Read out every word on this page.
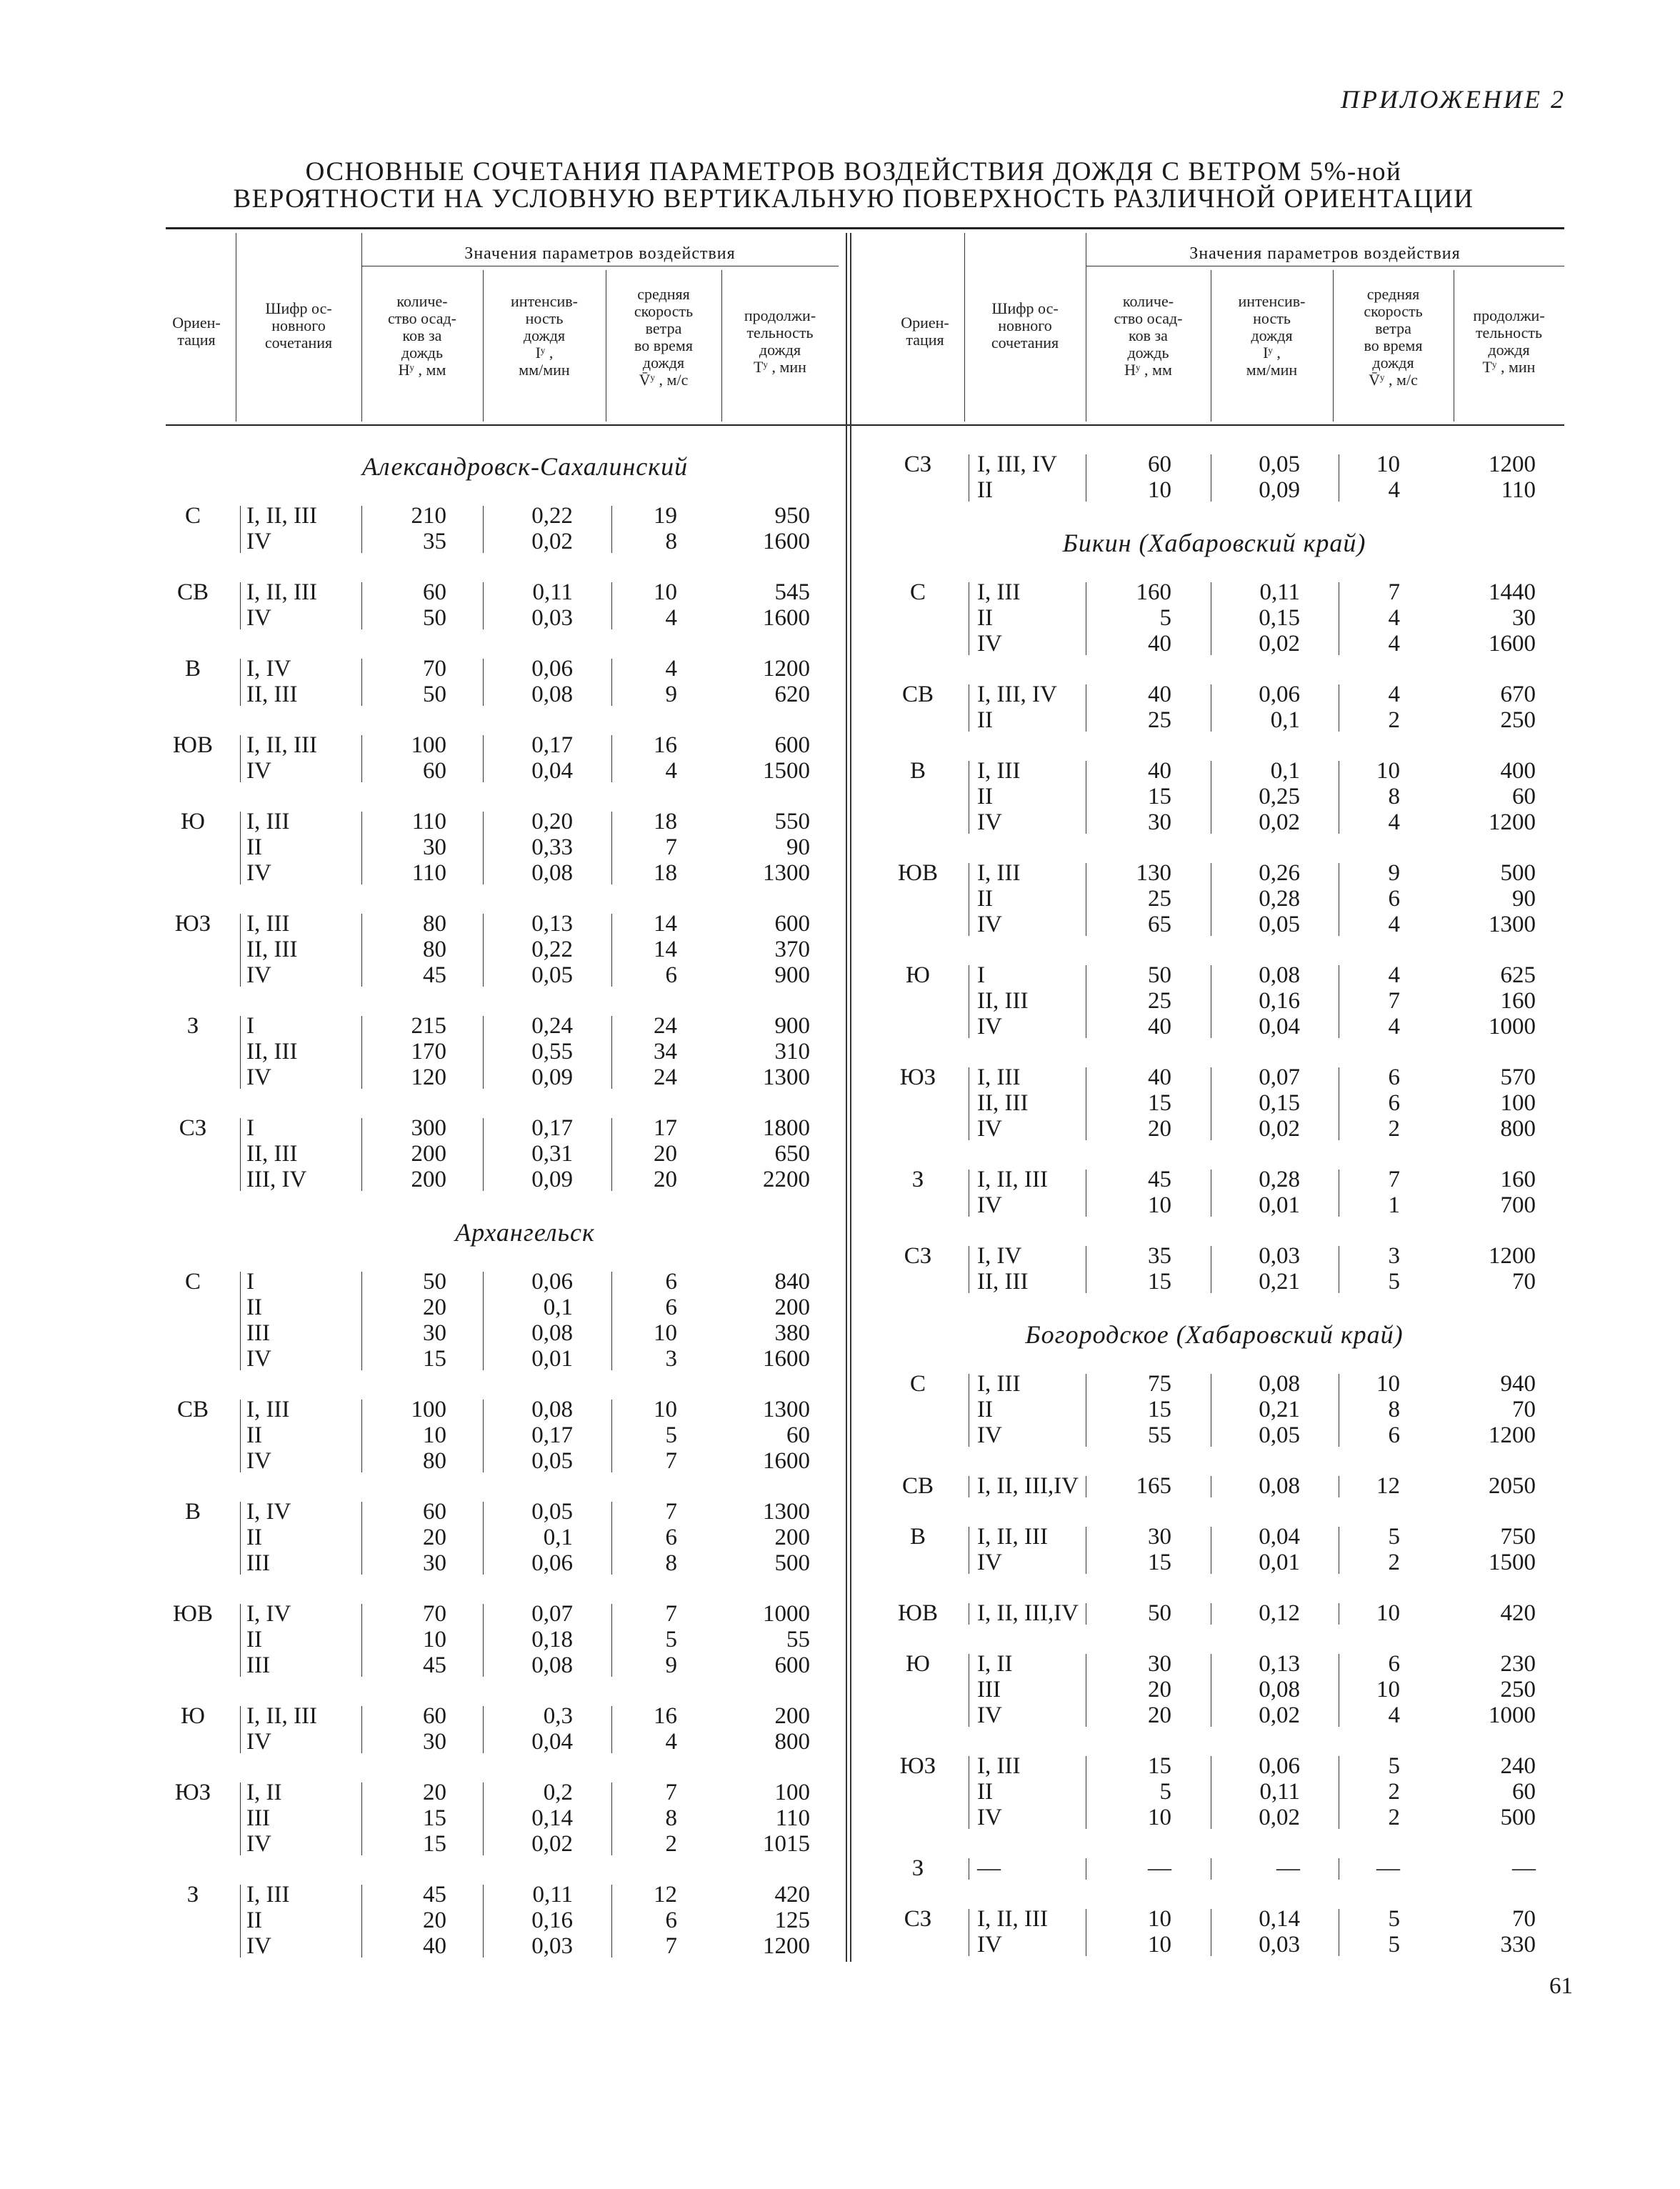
ПРИЛОЖЕНИЕ 2
ОСНОВНЫЕ СОЧЕТАНИЯ ПАРАМЕТРОВ ВОЗДЕЙСТВИЯ ДОЖДЯ С ВЕТРОМ 5%-ной
ВЕРОЯТНОСТИ НА УСЛОВНУЮ ВЕРТИКАЛЬНУЮ ПОВЕРХНОСТЬ РАЗЛИЧНОЙ ОРИЕНТАЦИИ
Значения параметров воздействия
Ориен-
тация
Шифр ос-
новного
сочетания
количе-
ство осад-
ков за
дождь
Нʸ , мм
интенсив-
ность
дождя
Iʸ ,
мм/мин
средняя
скорость
ветра
во время
дождя
V̄ʸ , м/с
продолжи-
тельность
дождя
Тʸ , мин
Значения параметров воздействия
Ориен-
тация
Шифр ос-
новного
сочетания
количе-
ство осад-
ков за
дождь
Нʸ , мм
интенсив-
ность
дождя
Iʸ ,
мм/мин
средняя
скорость
ветра
во время
дождя
V̄ʸ , м/с
продолжи-
тельность
дождя
Тʸ , мин
Александровск-Сахалинский
С	I, II, III	210	0,22	19	950
IV	35	0,02	8	1600
СВ	I, II, III	60	0,11	10	545
IV	50	0,03	4	1600
В	I, IV	70	0,06	4	1200
II, III	50	0,08	9	620
ЮВ	I, II, III	100	0,17	16	600
IV	60	0,04	4	1500
Ю	I, III	110	0,20	18	550
II	30	0,33	7	90
IV	110	0,08	18	1300
ЮЗ	I, III	80	0,13	14	600
II, III	80	0,22	14	370
IV	45	0,05	6	900
З	I	215	0,24	24	900
II, III	170	0,55	34	310
IV	120	0,09	24	1300
СЗ	I	300	0,17	17	1800
II, III	200	0,31	20	650
III, IV	200	0,09	20	2200
Архангельск
С	I	50	0,06	6	840
II	20	0,1	6	200
III	30	0,08	10	380
IV	15	0,01	3	1600
СВ	I, III	100	0,08	10	1300
II	10	0,17	5	60
IV	80	0,05	7	1600
В	I, IV	60	0,05	7	1300
II	20	0,1	6	200
III	30	0,06	8	500
ЮВ	I, IV	70	0,07	7	1000
II	10	0,18	5	55
III	45	0,08	9	600
Ю	I, II, III	60	0,3	16	200
IV	30	0,04	4	800
ЮЗ	I, II	20	0,2	7	100
III	15	0,14	8	110
IV	15	0,02	2	1015
З	I, III	45	0,11	12	420
II	20	0,16	6	125
IV	40	0,03	7	1200
СЗ	I, III, IV	60	0,05	10	1200
II	10	0,09	4	110
Бикин (Хабаровский край)
С	I, III	160	0,11	7	1440
II	5	0,15	4	30
IV	40	0,02	4	1600
СВ	I, III, IV	40	0,06	4	670
II	25	0,1	2	250
В	I, III	40	0,1	10	400
II	15	0,25	8	60
IV	30	0,02	4	1200
ЮВ	I, III	130	0,26	9	500
II	25	0,28	6	90
IV	65	0,05	4	1300
Ю	I	50	0,08	4	625
II, III	25	0,16	7	160
IV	40	0,04	4	1000
ЮЗ	I, III	40	0,07	6	570
II, III	15	0,15	6	100
IV	20	0,02	2	800
З	I, II, III	45	0,28	7	160
IV	10	0,01	1	700
СЗ	I, IV	35	0,03	3	1200
II, III	15	0,21	5	70
Богородское (Хабаровский край)
С	I, III	75	0,08	10	940
II	15	0,21	8	70
IV	55	0,05	6	1200
СВ	I, II, III,IV	165	0,08	12	2050
В	I, II, III	30	0,04	5	750
IV	15	0,01	2	1500
ЮВ	I, II, III,IV	50	0,12	10	420
Ю	I, II	30	0,13	6	230
III	20	0,08	10	250
IV	20	0,02	4	1000
ЮЗ	I, III	15	0,06	5	240
II	5	0,11	2	60
IV	10	0,02	2	500
З	—	—	—	—	—
СЗ	I, II, III	10	0,14	5	70
IV	10	0,03	5	330
61
